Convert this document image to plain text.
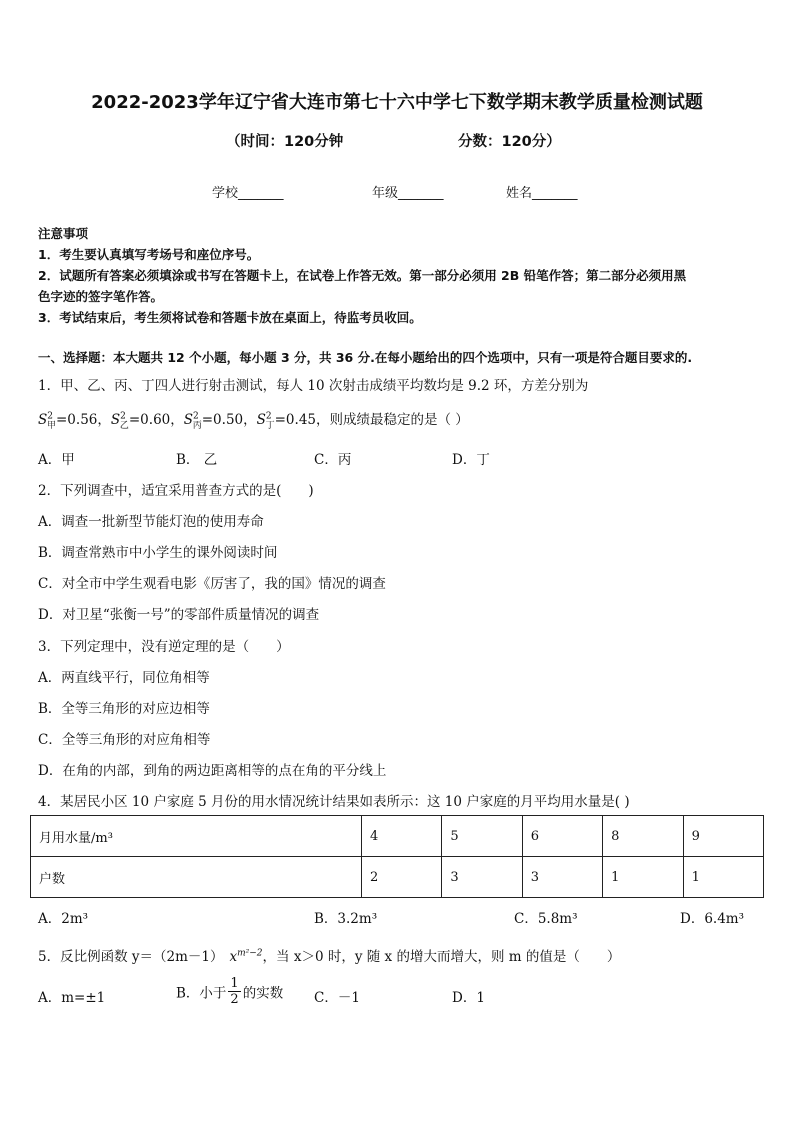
2022-2023学年辽宁省大连市第七十六中学七下数学期末教学质量检测试题
（时间：120分钟	分数：120分）
学校_______	年级_______	姓名_______
注意事项
1．考生要认真填写考场号和座位序号。
2．试题所有答案必须填涂或书写在答题卡上，在试卷上作答无效。第一部分必须用 2B 铅笔作答；第二部分必须用黑
色字迹的签字笔作答。
3．考试结束后，考生须将试卷和答题卡放在桌面上，待监考员收回。
一、选择题：本大题共 12 个小题，每小题 3 分，共 36 分.在每小题给出的四个选项中，只有一项是符合题目要求的.
1．甲、乙、丙、丁四人进行射击测试，每人 10 次射击成绩平均数均是 9.2 环，方差分别为
$S^2_甲=0.56$，$S^2_乙=0.60$，$S^2_丙=0.50$，$S^2_丁=0.45$，则成绩最稳定的是（ ）
A．甲	B． 乙	C．丙	D．丁
2．下列调查中，适宜采用普查方式的是(　　)
A．调查一批新型节能灯泡的使用寿命
B．调查常熟市中小学生的课外阅读时间
C．对全市中学生观看电影《厉害了，我的国》情况的调查
D．对卫星“张衡一号”的零部件质量情况的调查
3．下列定理中，没有逆定理的是（　　）
A．两直线平行，同位角相等
B．全等三角形的对应边相等
C．全等三角形的对应角相等
D．在角的内部，到角的两边距离相等的点在角的平分线上
4．某居民小区 10 户家庭 5 月份的用水情况统计结果如表所示：这 10 户家庭的月平均用水量是( )
月用水量/m³	4	5	6	8	9
户数	2	3	3	1	1
A．2m³	B．3.2m³	C．5.8m³	D．6.4m³
5．反比例函数 y＝（2m－1） $x^{m^2-2}$，当 x＞0 时，y 随 x 的增大而增大，则 m 的值是（　　）
A．m=±1	B．小于 $\frac{1}{2}$ 的实数 C．－1	D．1
